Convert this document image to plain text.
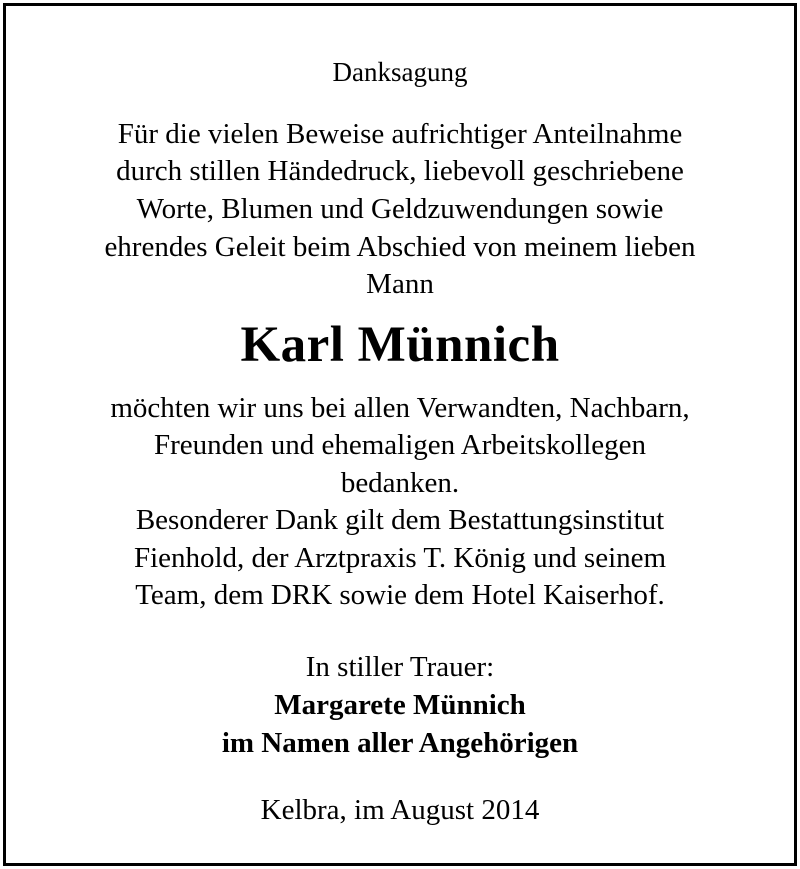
Danksagung
Für die vielen Beweise aufrichtiger Anteilnahme
durch stillen Händedruck, liebevoll geschriebene
Worte, Blumen und Geldzuwendungen sowie
ehrendes Geleit beim Abschied von meinem lieben
Mann
Karl Münnich
möchten wir uns bei allen Verwandten, Nachbarn,
Freunden und ehemaligen Arbeitskollegen
bedanken.
Besonderer Dank gilt dem Bestattungsinstitut
Fienhold, der Arztpraxis T. König und seinem
Team, dem DRK sowie dem Hotel Kaiserhof.
In stiller Trauer:
Margarete Münnich
im Namen aller Angehörigen
Kelbra, im August 2014
